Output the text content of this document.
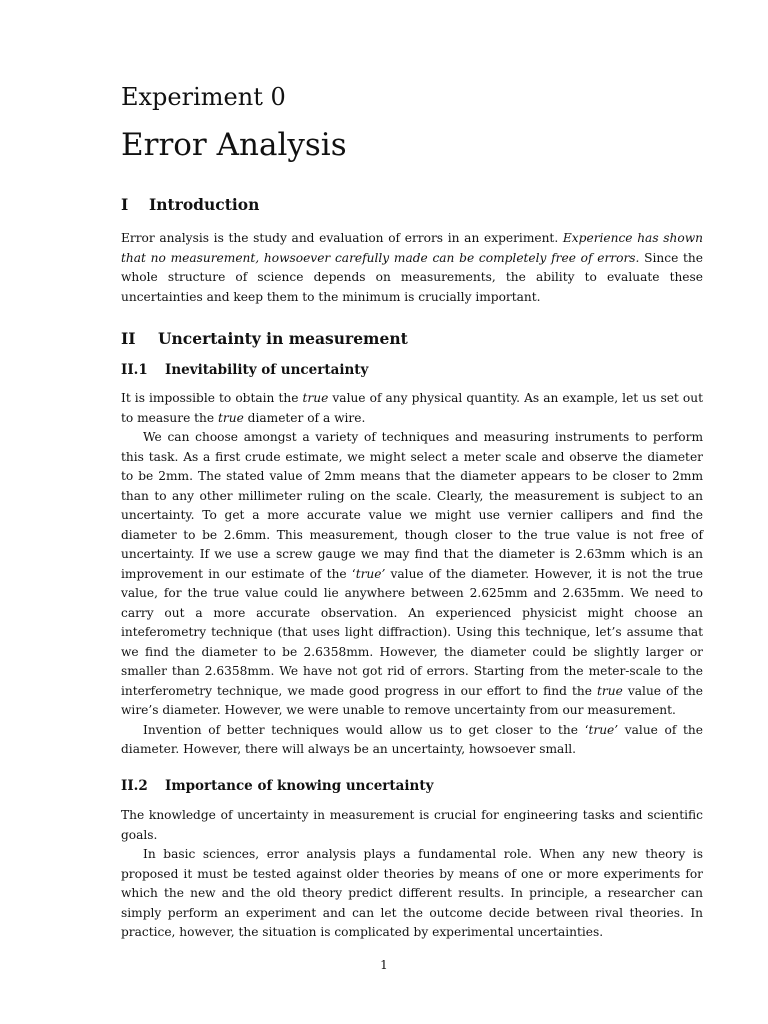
Experiment 0
Error Analysis
I Introduction

Error analysis is the study and evaluation of errors in an experiment. Experience has shown that no measurement, howsoever carefully made can be completely free of errors. Since the whole structure of science depends on measurements, the ability to evaluate these uncertainties and keep them to the minimum is crucially important.

II Uncertainty in measurement
II.1 Inevitability of uncertainty

It is impossible to obtain the true value of any physical quantity. As an example, let us set out to measure the true diameter of a wire.

We can choose amongst a variety of techniques and measuring instruments to perform this task. As a first crude estimate, we might select a meter scale and observe the diameter to be 2mm. The stated value of 2mm means that the diameter appears to be closer to 2mm than to any other millimeter ruling on the scale. Clearly, the measurement is subject to an uncertainty. To get a more accurate value we might use vernier callipers and find the diameter to be 2.6mm. This measurement, though closer to the true value is not free of uncertainty. If we use a screw gauge we may find that the diameter is 2.63mm which is an improvement in our estimate of the ‘true’ value of the diameter. However, it is not the true value, for the true value could lie anywhere between 2.625mm and 2.635mm. We need to carry out a more accurate observation. An experienced physicist might choose an inteferometry technique (that uses light diffraction). Using this technique, let’s assume that we find the diameter to be 2.6358mm. However, the diameter could be slightly larger or smaller than 2.6358mm. We have not got rid of errors. Starting from the meter-scale to the interferometry technique, we made good progress in our effort to find the true value of the wire’s diameter. However, we were unable to remove uncertainty from our measurement.

Invention of better techniques would allow us to get closer to the ‘true’ value of the diameter. However, there will always be an uncertainty, howsoever small.

II.2 Importance of knowing uncertainty

The knowledge of uncertainty in measurement is crucial for engineering tasks and scientific goals.

In basic sciences, error analysis plays a fundamental role. When any new theory is proposed it must be tested against older theories by means of one or more experiments for which the new and the old theory predict different results. In principle, a researcher can simply perform an experiment and can let the outcome decide between rival theories. In practice, however, the situation is complicated by experimental uncertainties.

1
